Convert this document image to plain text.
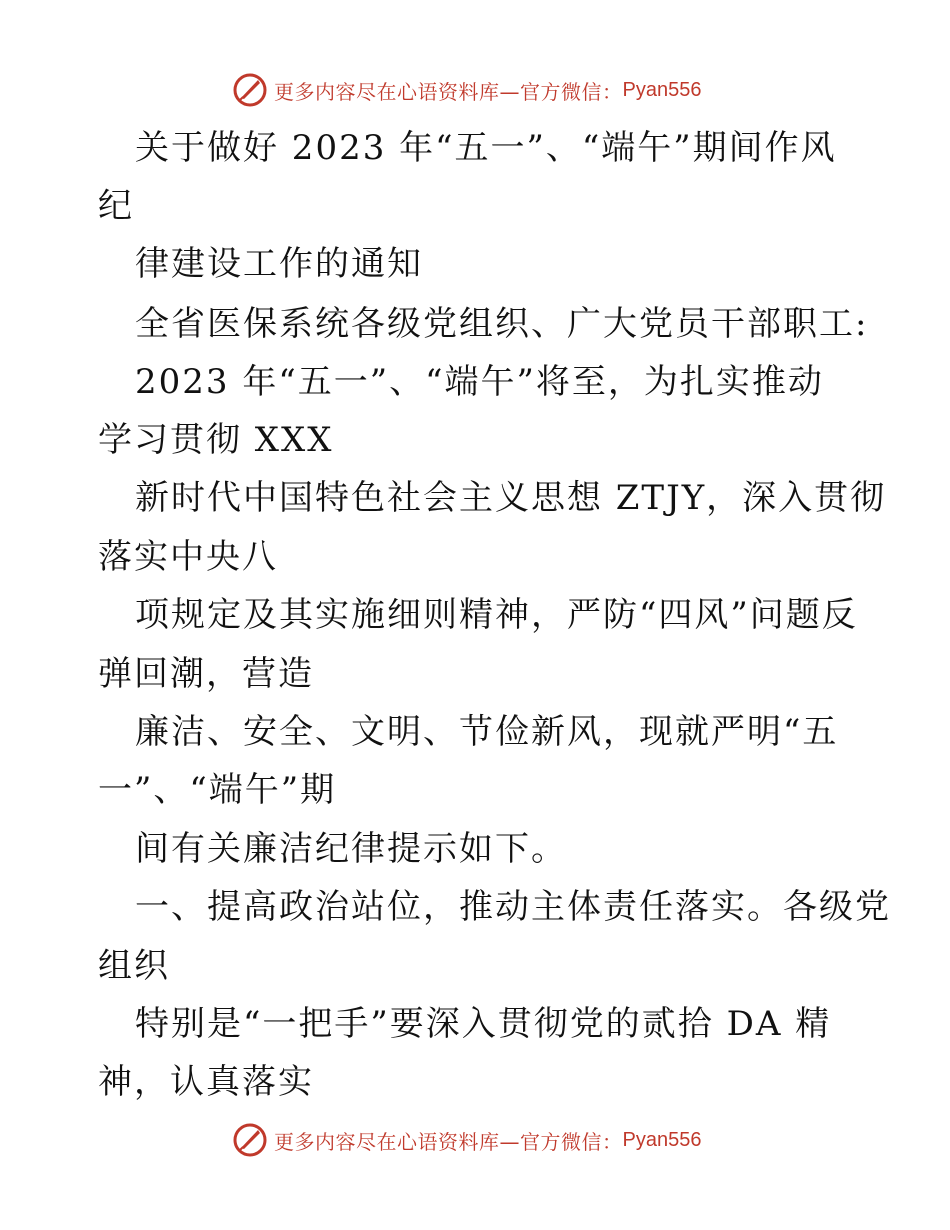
更多内容尽在心语资料库—官方微信： Pyan556
关于做好 2023 年“五一”、“端午”期间作风
纪
律建设工作的通知
全省医保系统各级党组织、广大党员干部职工:
2023 年“五一”、“端午”将至，为扎实推动
学习贯彻 XXX
新时代中国特色社会主义思想 ZTJY，深入贯彻
落实中央八
项规定及其实施细则精神，严防“四风”问题反
弹回潮，营造
廉洁、安全、文明、节俭新风，现就严明“五
一”、“端午”期
间有关廉洁纪律提示如下。
一、提高政治站位，推动主体责任落实。各级党
组织
特别是“一把手”要深入贯彻党的贰拾 DA 精
神，认真落实
更多内容尽在心语资料库—官方微信： Pyan556
